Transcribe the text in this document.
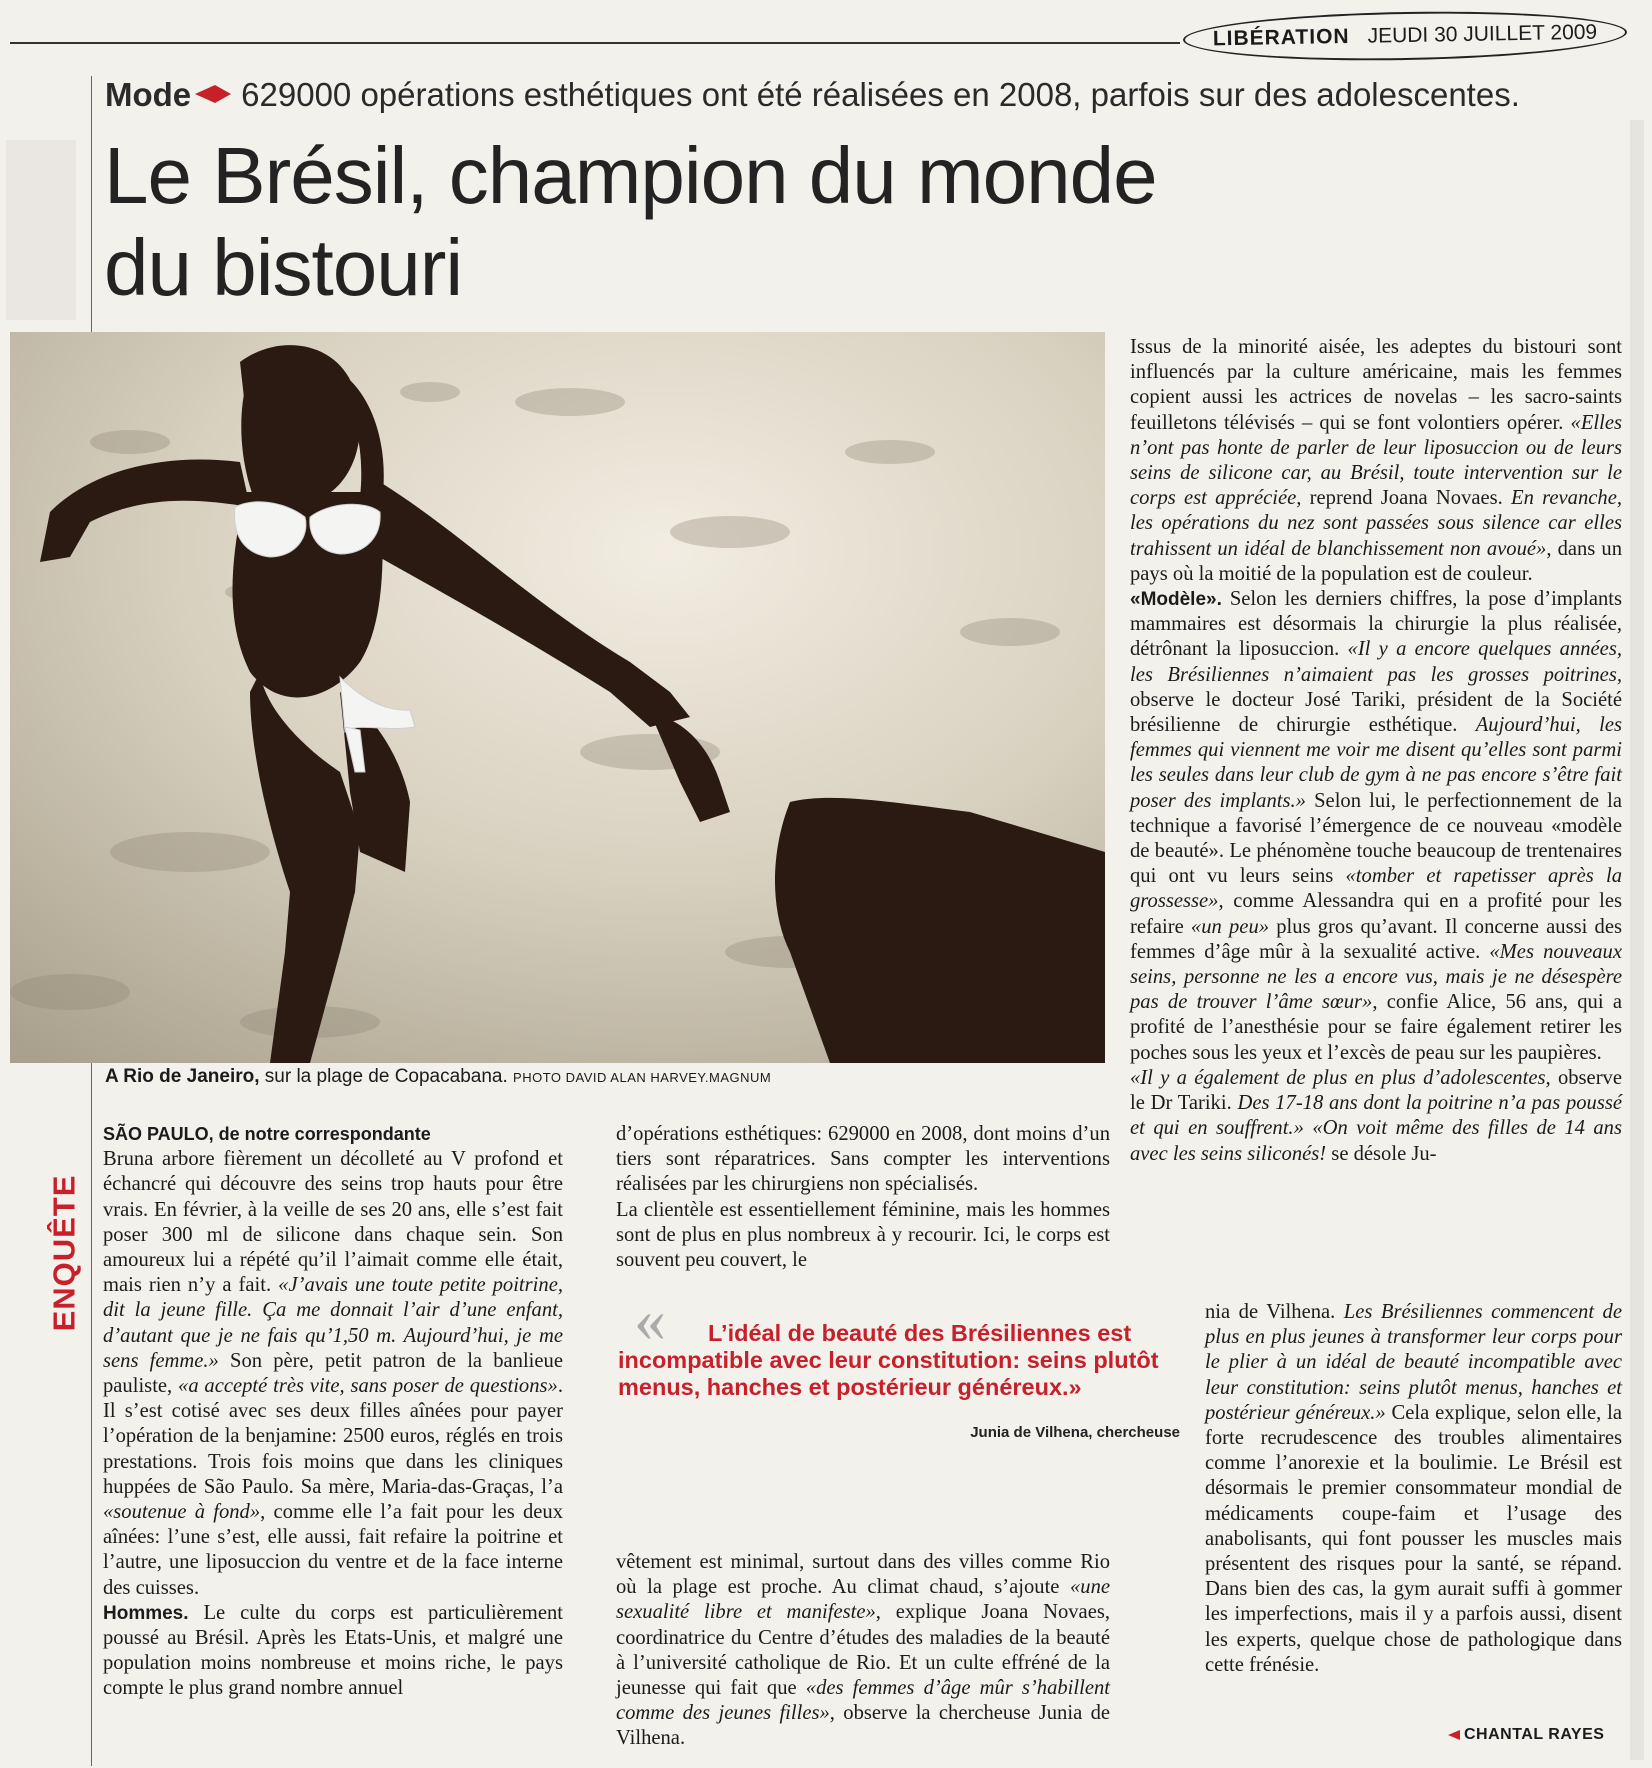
LIBÉRATION JEUDI 30 JUILLET 2009
Mode 629000 opérations esthétiques ont été réalisées en 2008, parfois sur des adolescentes.
Le Brésil, champion du monde
du bistouri
A Rio de Janeiro, sur la plage de Copacabana. PHOTO DAVID ALAN HARVEY.MAGNUM
ENQUÊTE

SÃO PAULO, de notre correspondante
Bruna arbore fièrement un décolleté au V profond et échancré qui découvre des seins trop hauts pour être vrais. En février, à la veille de ses 20 ans, elle s’est fait poser 300 ml de silicone dans chaque sein. Son amoureux lui a répété qu’il l’aimait comme elle était, mais rien n’y a fait. «J’avais une toute petite poitrine, dit la jeune fille. Ça me donnait l’air d’une enfant, d’autant que je ne fais qu’1,50 m. Aujourd’hui, je me sens femme.» Son père, petit patron de la banlieue pauliste, «a accepté très vite, sans poser de questions». Il s’est cotisé avec ses deux filles aînées pour payer l’opération de la benjamine: 2500 euros, réglés en trois prestations. Trois fois moins que dans les cliniques huppées de São Paulo. Sa mère, Maria-das-Graças, l’a «soutenue à fond», comme elle l’a fait pour les deux aînées: l’une s’est, elle aussi, fait refaire la poitrine et l’autre, une liposuccion du ventre et de la face interne des cuisses.

Hommes. Le culte du corps est particulièrement poussé au Brésil. Après les Etats-Unis, et malgré une population moins nombreuse et moins riche, le pays compte le plus grand nombre annuel

d’opérations esthétiques: 629000 en 2008, dont moins d’un tiers sont réparatrices. Sans compter les interventions réalisées par les chirurgiens non spécialisés.

La clientèle est essentiellement féminine, mais les hommes sont de plus en plus nombreux à y recourir. Ici, le corps est souvent peu couvert, le

«	L’idéal de beauté des Brésiliennes est incompatible avec leur constitution: seins plutôt menus, hanches et postérieur généreux.»
Junia de Vilhena, chercheuse

vêtement est minimal, surtout dans des villes comme Rio où la plage est proche. Au climat chaud, s’ajoute «une sexualité libre et manifeste», explique Joana Novaes, coordinatrice du Centre d’études des maladies de la beauté à l’université catholique de Rio. Et un culte effréné de la jeunesse qui fait que «des femmes d’âge mûr s’habillent comme des jeunes filles», observe la chercheuse Junia de Vilhena.

Issus de la minorité aisée, les adeptes du bistouri sont influencés par la culture américaine, mais les femmes copient aussi les actrices de novelas – les sacro-saints feuilletons télévisés – qui se font volontiers opérer. «Elles n’ont pas honte de parler de leur liposuccion ou de leurs seins de silicone car, au Brésil, toute intervention sur le corps est appréciée, reprend Joana Novaes. En revanche, les opérations du nez sont passées sous silence car elles trahissent un idéal de blanchissement non avoué», dans un pays où la moitié de la population est de couleur.

«Modèle». Selon les derniers chiffres, la pose d’implants mammaires est désormais la chirurgie la plus réalisée, détrônant la liposuccion. «Il y a encore quelques années, les Brésiliennes n’aimaient pas les grosses poitrines, observe le docteur José Tariki, président de la Société brésilienne de chirurgie esthétique. Aujourd’hui, les femmes qui viennent me voir me disent qu’elles sont parmi les seules dans leur club de gym à ne pas encore s’être fait poser des implants.» Selon lui, le perfectionnement de la technique a favorisé l’émergence de ce nouveau «modèle de beauté». Le phénomène touche beaucoup de trentenaires qui ont vu leurs seins «tomber et rapetisser après la grossesse», comme Alessandra qui en a profité pour les refaire «un peu» plus gros qu’avant. Il concerne aussi des femmes d’âge mûr à la sexualité active. «Mes nouveaux seins, personne ne les a encore vus, mais je ne désespère pas de trouver l’âme sœur», confie Alice, 56 ans, qui a profité de l’anesthésie pour se faire également retirer les poches sous les yeux et l’excès de peau sur les paupières.

«Il y a également de plus en plus d’adolescentes, observe le Dr Tariki. Des 17-18 ans dont la poitrine n’a pas poussé et qui en souffrent.» «On voit même des filles de 14 ans avec les seins siliconés! se désole Ju-

nia de Vilhena. Les Brésiliennes commencent de plus en plus jeunes à transformer leur corps pour le plier à un idéal de beauté incompatible avec leur constitution: seins plutôt menus, hanches et postérieur généreux.» Cela explique, selon elle, la forte recrudescence des troubles alimentaires comme l’anorexie et la boulimie. Le Brésil est désormais le premier consommateur mondial de médicaments coupe-faim et l’usage des anabolisants, qui font pousser les muscles mais présentent des risques pour la santé, se répand. Dans bien des cas, la gym aurait suffi à gommer les imperfections, mais il y a parfois aussi, disent les experts, quelque chose de pathologique dans cette frénésie.

CHANTAL RAYES
